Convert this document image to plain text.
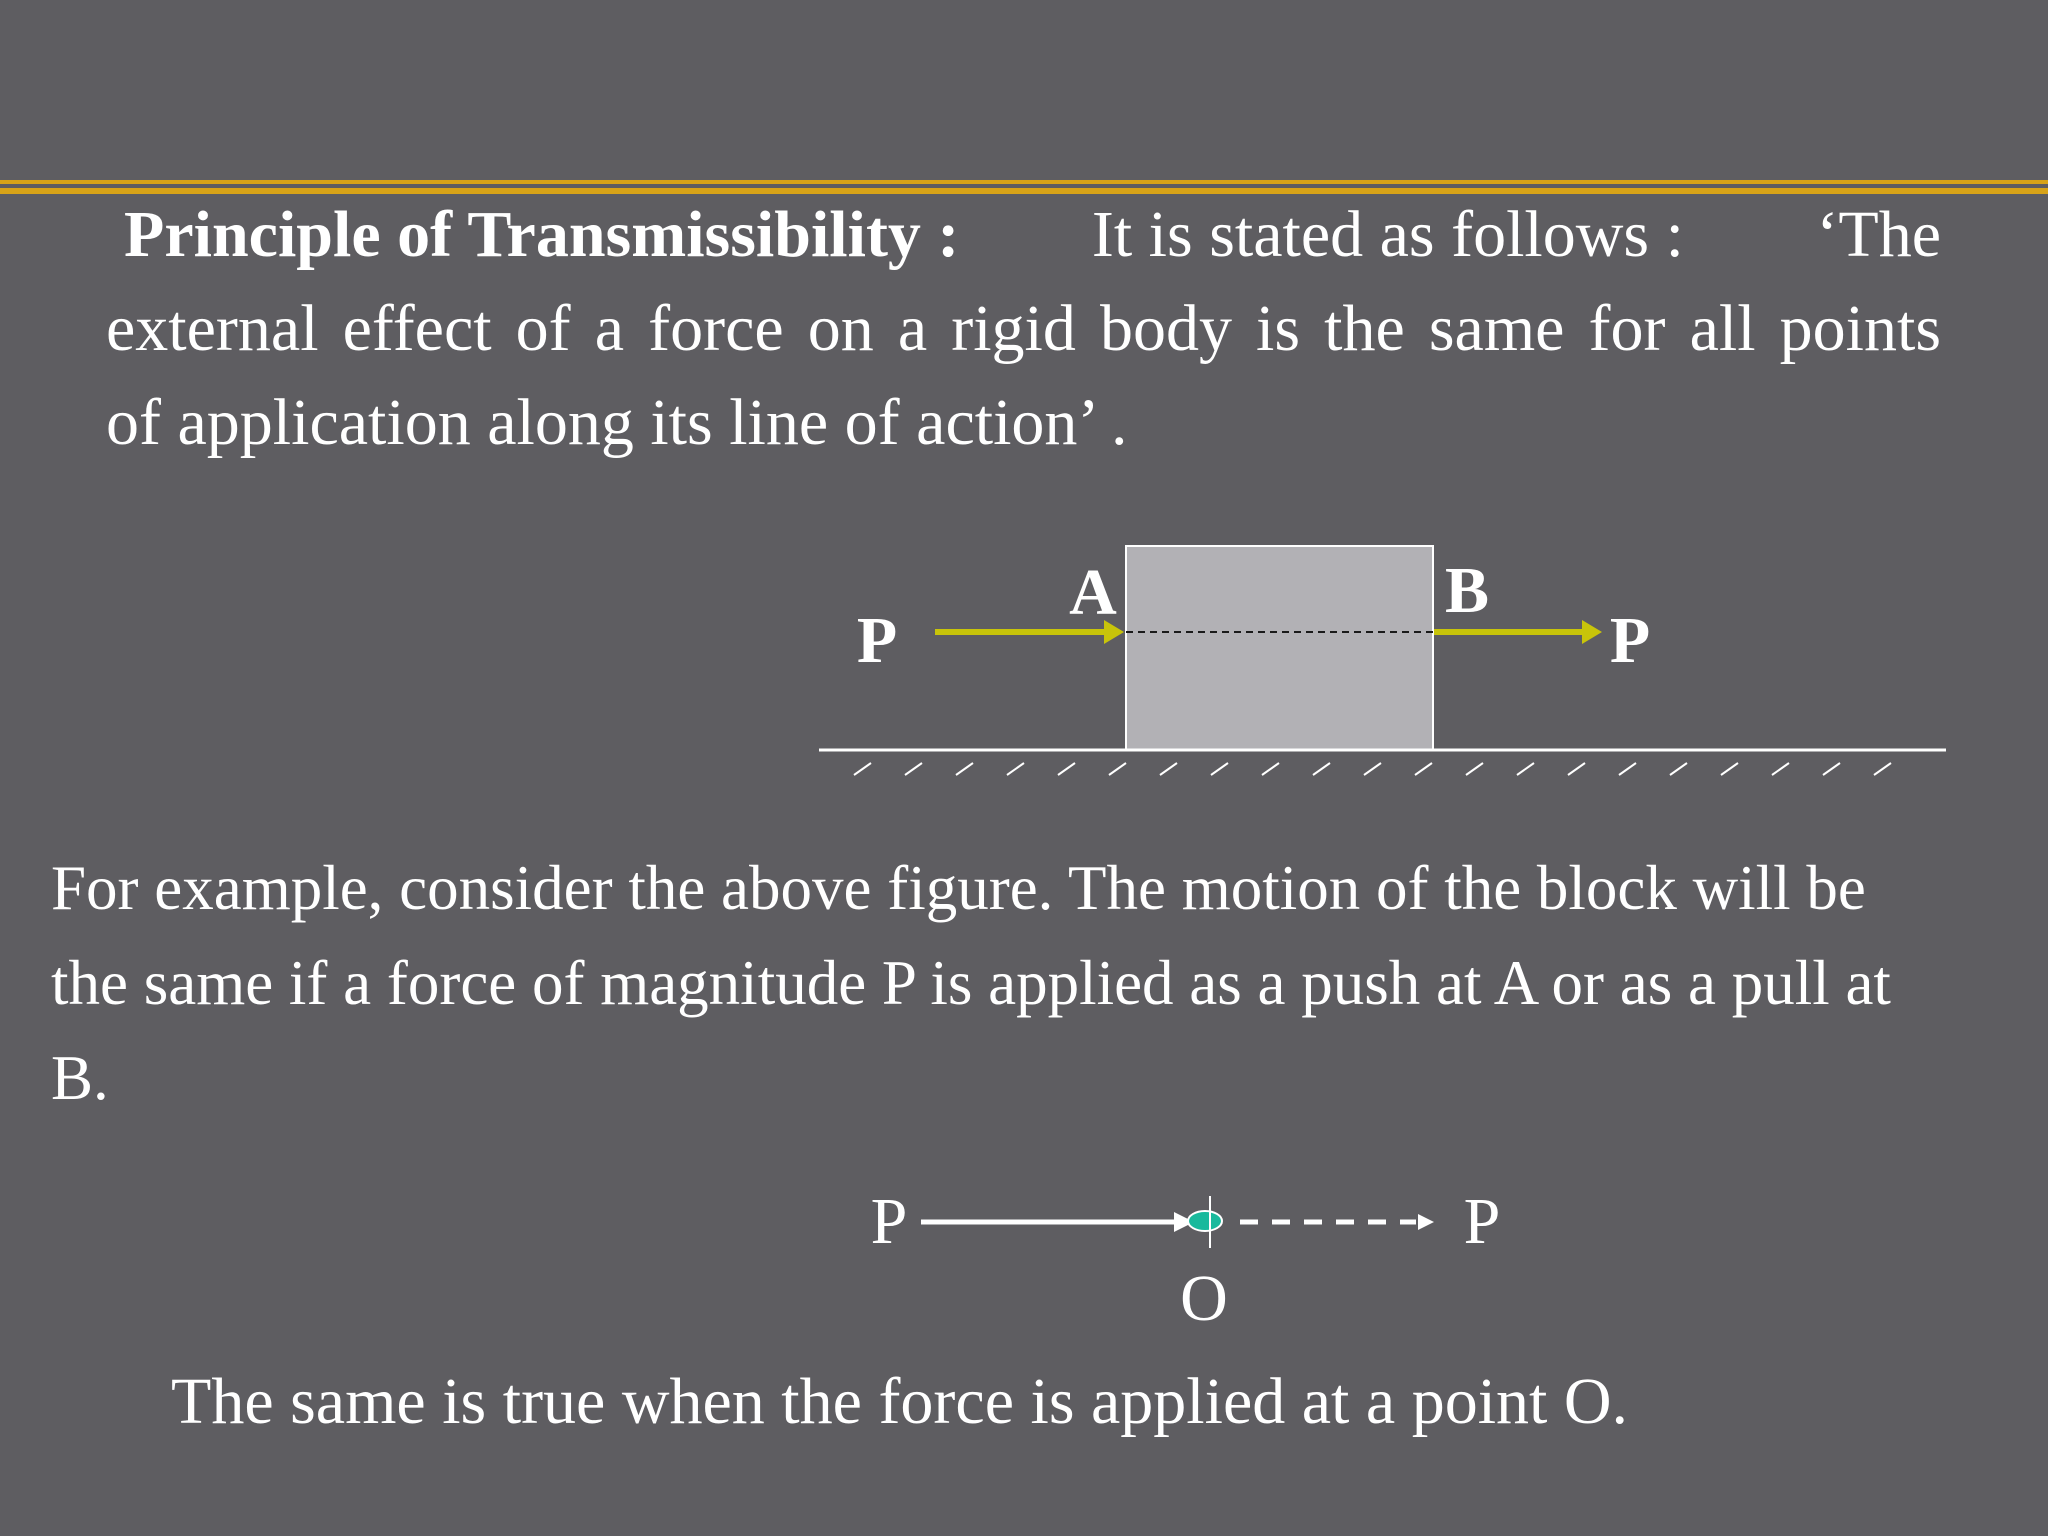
Principle of Transmissibility : It is stated as follows : ‘The
external effect of a force on a rigid body is the same for all points
of application along its line of action’ .
P
A	B
P
For example, consider the above figure. The motion of the block will be
the same if a force of magnitude P is applied as a push at A or as a pull at
B.
P	P
O

The same is true when the force is applied at a point O.
